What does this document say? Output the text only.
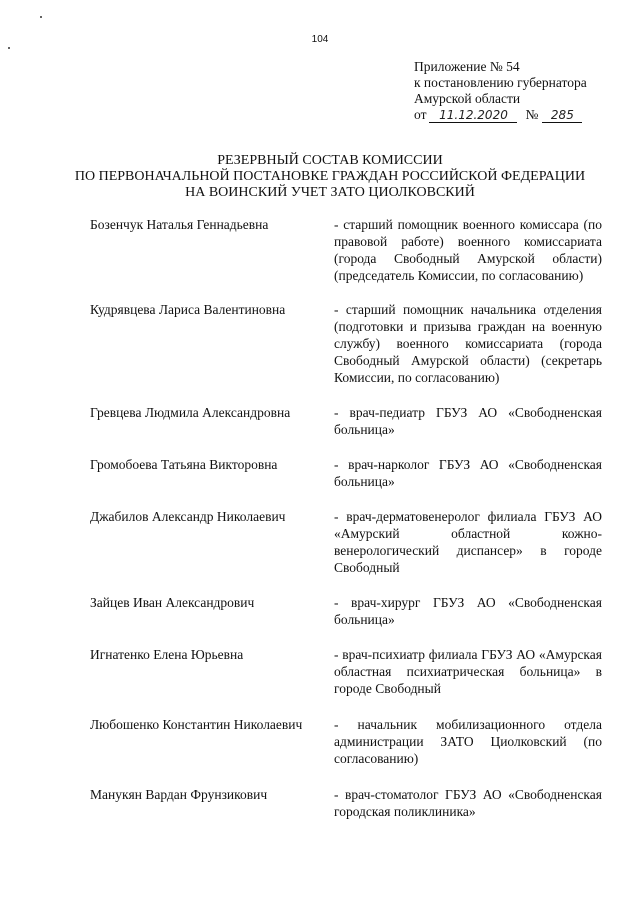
104
Приложение № 54
к постановлению губернатора
Амурской области
от 11.12.2020 № 285
РЕЗЕРВНЫЙ СОСТАВ КОМИССИИ
ПО ПЕРВОНАЧАЛЬНОЙ ПОСТАНОВКЕ ГРАЖДАН РОССИЙСКОЙ ФЕДЕРАЦИИ
НА ВОИНСКИЙ УЧЕТ ЗАТО ЦИОЛКОВСКИЙ
Бозенчук Наталья Геннадьевна	- старший помощник военного комиссара (по правовой работе) военного комиссариата (города Свободный Амурской области) (председатель Комиссии, по согласованию)
Кудрявцева Лариса Валентиновна	- старший помощник начальника отделения (подготовки и призыва граждан на военную службу) военного комиссариата (города Свободный Амурской области) (секретарь Комиссии, по согласованию)
Гревцева Людмила Александровна	- врач-педиатр ГБУЗ АО «Свободненская больница»
Громобоева Татьяна Викторовна	- врач-нарколог ГБУЗ АО «Свободненская больница»
Джабилов Александр Николаевич	- врач-дерматовенеролог филиала ГБУЗ АО «Амурский областной кожно-венерологический диспансер» в городе Свободный
Зайцев Иван Александрович	- врач-хирург ГБУЗ АО «Свободненская больница»
Игнатенко Елена Юрьевна	- врач-психиатр филиала ГБУЗ АО «Амурская областная психиатрическая больница» в городе Свободный
Любошенко Константин Николаевич	- начальник мобилизационного отдела администрации ЗАТО Циолковский (по согласованию)
Манукян Вардан Фрунзикович	- врач-стоматолог ГБУЗ АО «Свободненская городская поликлиника»
